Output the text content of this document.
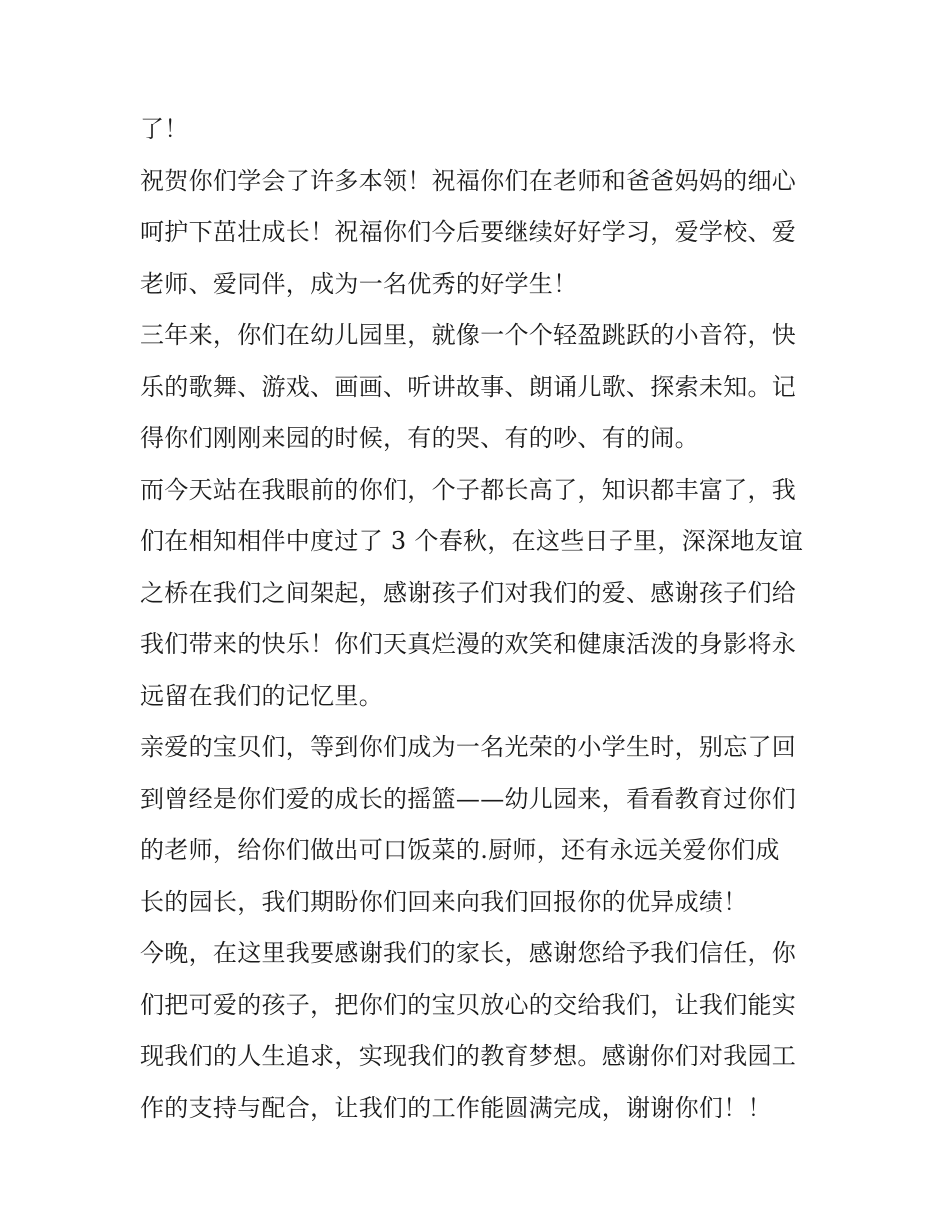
了！
祝贺你们学会了许多本领！祝福你们在老师和爸爸妈妈的细心
呵护下茁壮成长！祝福你们今后要继续好好学习，爱学校、爱
老师、爱同伴，成为一名优秀的好学生！
三年来，你们在幼儿园里，就像一个个轻盈跳跃的小音符，快
乐的歌舞、游戏、画画、听讲故事、朗诵儿歌、探索未知。记
得你们刚刚来园的时候，有的哭、有的吵、有的闹。
而今天站在我眼前的你们，个子都长高了，知识都丰富了，我
们在相知相伴中度过了 3 个春秋，在这些日子里，深深地友谊
之桥在我们之间架起，感谢孩子们对我们的爱、感谢孩子们给
我们带来的快乐！你们天真烂漫的欢笑和健康活泼的身影将永
远留在我们的记忆里。
亲爱的宝贝们，等到你们成为一名光荣的小学生时，别忘了回
到曾经是你们爱的成长的摇篮——幼儿园来，看看教育过你们
的老师，给你们做出可口饭菜的.厨师，还有永远关爱你们成
长的园长，我们期盼你们回来向我们回报你的优异成绩！
今晚，在这里我要感谢我们的家长，感谢您给予我们信任，你
们把可爱的孩子，把你们的宝贝放心的交给我们，让我们能实
现我们的人生追求，实现我们的教育梦想。感谢你们对我园工
作的支持与配合，让我们的工作能圆满完成，谢谢你们！！
